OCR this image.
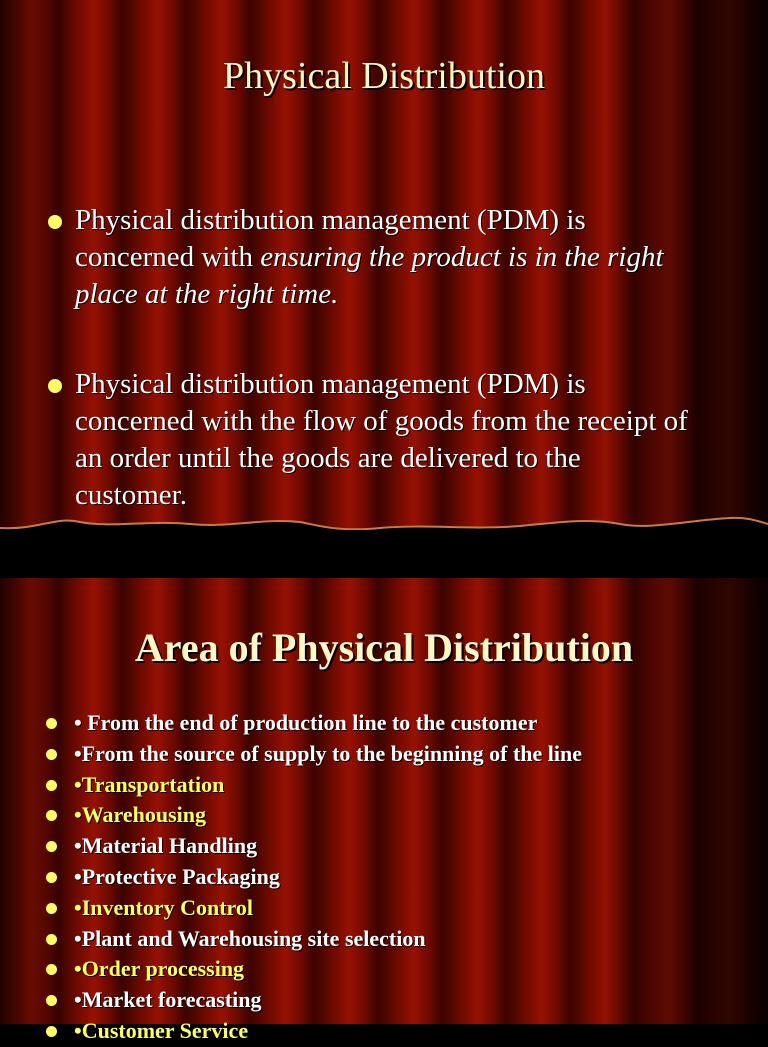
Physical Distribution
Physical distribution management (PDM) is concerned with ensuring the product is in the right place at the right time.
Physical distribution management (PDM) is concerned with the flow of goods from the receipt of an order until the goods are delivered to the customer.
Area of Physical Distribution
• From the end of production line to the customer
•From the source of supply to the beginning of the line
•Transportation
•Warehousing
•Material Handling
•Protective Packaging
•Inventory Control
•Plant and Warehousing site selection
•Order processing
•Market forecasting
•Customer Service
